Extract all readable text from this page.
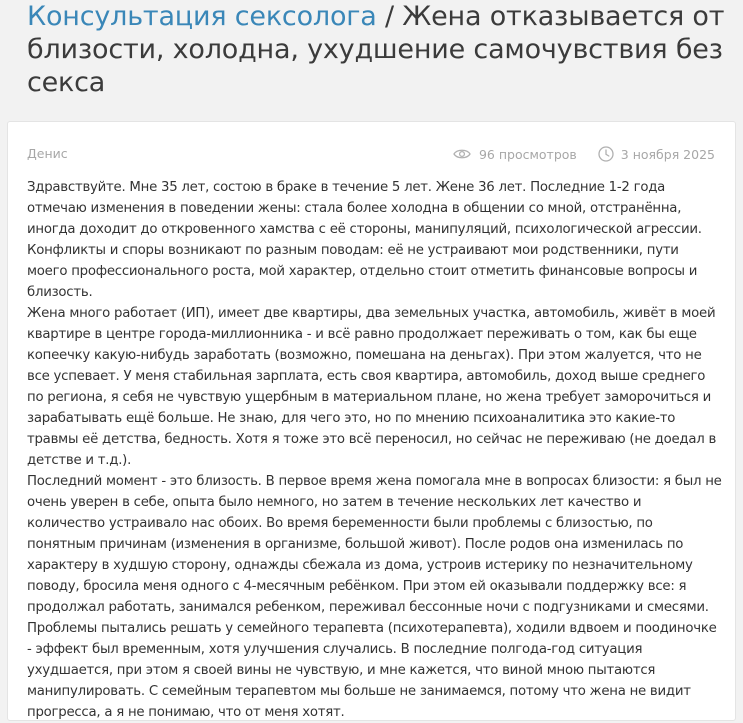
Консультация сексолога / Жена отказывается от близости, холодна, ухудшение самочувствия без секса
Денис	96 просмотров	3 ноября 2025

Здравствуйте. Мне 35 лет, состою в браке в течение 5 лет. Жене 36 лет. Последние 1-2 года отмечаю изменения в поведении жены: стала более холодна в общении со мной, отстранённа, иногда доходит до откровенного хамства с её стороны, манипуляций, психологической агрессии. Конфликты и споры возникают по разным поводам: её не устраивают мои родственники, пути моего профессионального роста, мой характер, отдельно стоит отметить финансовые вопросы и близость.

Жена много работает (ИП), имеет две квартиры, два земельных участка, автомобиль, живёт в моей квартире в центре города-миллионника - и всё равно продолжает переживать о том, как бы еще копеечку какую-нибудь заработать (возможно, помешана на деньгах). При этом жалуется, что не все успевает. У меня стабильная зарплата, есть своя квартира, автомобиль, доход выше среднего по региона, я себя не чувствую ущербным в материальном плане, но жена требует заморочиться и зарабатывать ещё больше. Не знаю, для чего это, но по мнению психоаналитика это какие-то травмы её детства, бедность. Хотя я тоже это всё переносил, но сейчас не переживаю (не доедал в детстве и т.д.).

Последний момент - это близость. В первое время жена помогала мне в вопросах близости: я был не очень уверен в себе, опыта было немного, но затем в течение нескольких лет качество и количество устраивало нас обоих. Во время беременности были проблемы с близостью, по понятным причинам (изменения в организме, большой живот). После родов она изменилась по характеру в худшую сторону, однажды сбежала из дома, устроив истерику по незначительному поводу, бросила меня одного с 4-месячным ребёнком. При этом ей оказывали поддержку все: я продолжал работать, занимался ребенком, переживал бессонные ночи с подгузниками и смесями.

Проблемы пытались решать у семейного терапевта (психотерапевта), ходили вдвоем и поодиночке - эффект был временным, хотя улучшения случались. В последние полгода-год ситуация ухудшается, при этом я своей вины не чувствую, и мне кажется, что виной мною пытаются манипулировать. С семейным терапевтом мы больше не занимаемся, потому что жена не видит прогресса, а я не понимаю, что от меня хотят.
